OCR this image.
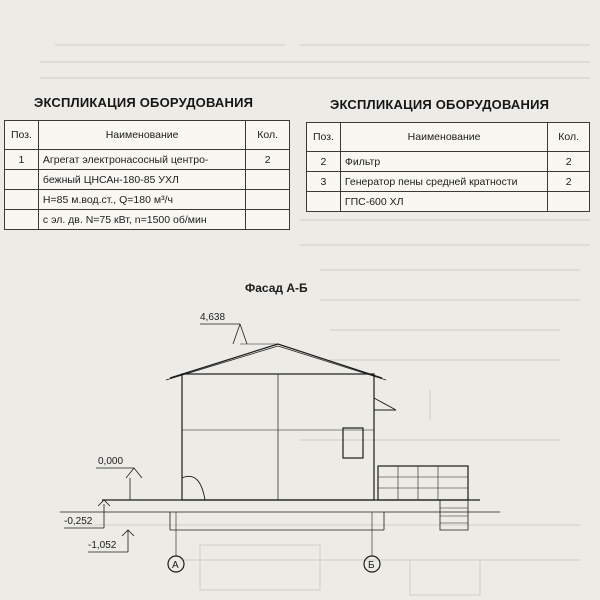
ЭКСПЛИКАЦИЯ ОБОРУДОВАНИЯ
Поз.	Наименование	Кол.
1	Агрегат электронасосный центро-	2
	бежный ЦНСАн-180-85 УХЛ	
	H=85 м.вод.ст., Q=180 м³/ч	
	с эл. дв. N=75 кВт, n=1500 об/мин	
ЭКСПЛИКАЦИЯ ОБОРУДОВАНИЯ
Поз.	Наименование	Кол.
2	Фильтр	2
3	Генератор пены средней кратности	2
	ГПС-600 ХЛ	
Фасад А-Б
4,638
0,000
-0,252
-1,052
А	Б
